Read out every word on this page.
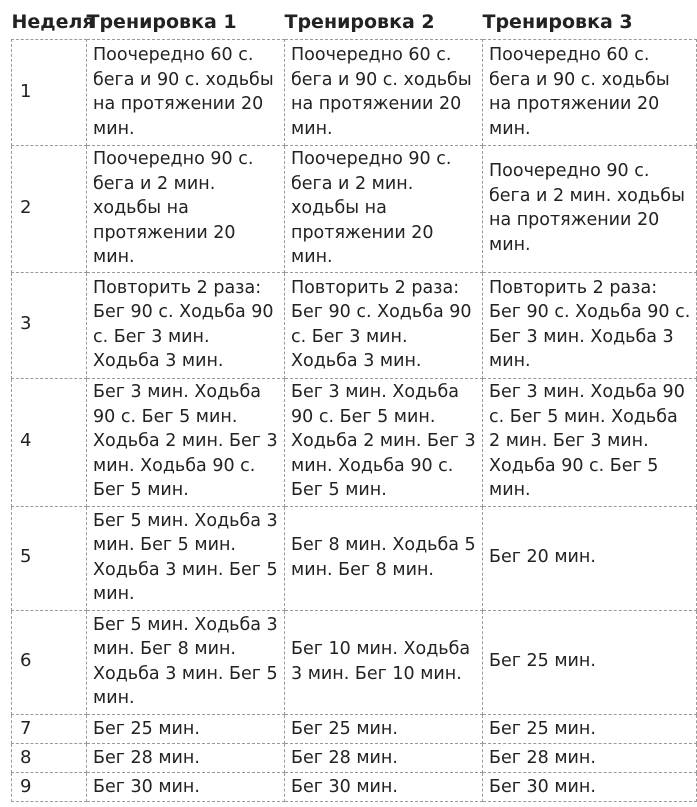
Неделя	Тренировка 1	Тренировка 2	Тренировка 3
1	Поочередно 60 с. бега и 90 с. ходьбы на протяжении 20 мин.	Поочередно 60 с. бега и 90 с. ходьбы на протяжении 20 мин.	Поочередно 60 с. бега и 90 с. ходьбы на протяжении 20 мин.
2	Поочередно 90 с. бега и 2 мин. ходьбы на протяжении 20 мин.	Поочередно 90 с. бега и 2 мин. ходьбы на протяжении 20 мин.	Поочередно 90 с. бега и 2 мин. ходьбы на протяжении 20 мин.
3	Повторить 2 раза: Бег 90 с. Ходьба 90 с. Бег 3 мин. Ходьба 3 мин.	Повторить 2 раза: Бег 90 с. Ходьба 90 с. Бег 3 мин. Ходьба 3 мин.	Повторить 2 раза: Бег 90 с. Ходьба 90 с. Бег 3 мин. Ходьба 3 мин.
4	Бег 3 мин. Ходьба 90 с. Бег 5 мин. Ходьба 2 мин. Бег 3 мин. Ходьба 90 с. Бег 5 мин.	Бег 3 мин. Ходьба 90 с. Бег 5 мин. Ходьба 2 мин. Бег 3 мин. Ходьба 90 с. Бег 5 мин.	Бег 3 мин. Ходьба 90 с. Бег 5 мин. Ходьба 2 мин. Бег 3 мин. Ходьба 90 с. Бег 5 мин.
5	Бег 5 мин. Ходьба 3 мин. Бег 5 мин. Ходьба 3 мин. Бег 5 мин.	Бег 8 мин. Ходьба 5 мин. Бег 8 мин.	Бег 20 мин.
6	Бег 5 мин. Ходьба 3 мин. Бег 8 мин. Ходьба 3 мин. Бег 5 мин.	Бег 10 мин. Ходьба 3 мин. Бег 10 мин.	Бег 25 мин.
7	Бег 25 мин.	Бег 25 мин.	Бег 25 мин.
8	Бег 28 мин.	Бег 28 мин.	Бег 28 мин.
9	Бег 30 мин.	Бег 30 мин.	Бег 30 мин.
